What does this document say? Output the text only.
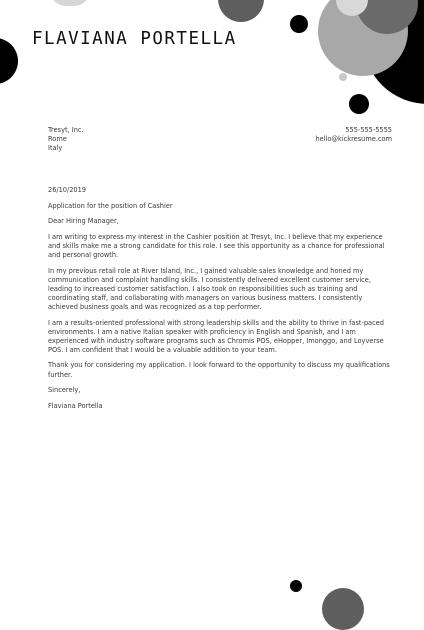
FLAVIANA PORTELLA
Tresyt, Inc.
Rome
Italy
555-555-5555
hello@kickresume.com

26/10/2019

Application for the position of Cashier

Dear Hiring Manager,

I am writing to express my interest in the Cashier position at Tresyt, Inc. I believe that my experience and skills make me a strong candidate for this role. I see this opportunity as a chance for professional and personal growth.

In my previous retail role at River Island, Inc., I gained valuable sales knowledge and honed my communication and complaint handling skills. I consistently delivered excellent customer service, leading to increased customer satisfaction. I also took on responsibilities such as training and coordinating staff, and collaborating with managers on various business matters. I consistently achieved business goals and was recognized as a top performer.

I am a results-oriented professional with strong leadership skills and the ability to thrive in fast-paced environments. I am a native Italian speaker with proficiency in English and Spanish, and I am experienced with industry software programs such as Chromis POS, eHopper, Imonggo, and Loyverse POS. I am confident that I would be a valuable addition to your team.

Thank you for considering my application. I look forward to the opportunity to discuss my qualifications further.

Sincerely,

Flaviana Portella
